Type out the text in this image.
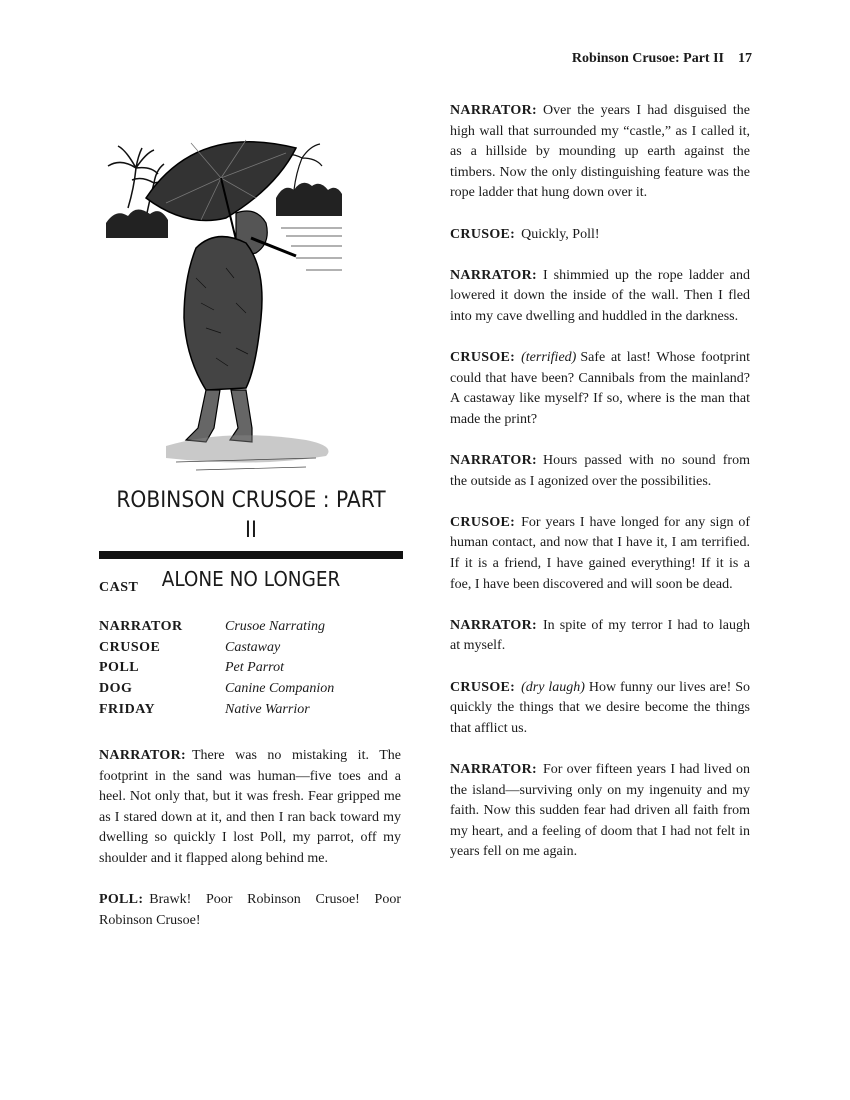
Robinson Crusoe: Part II 17
ROBINSON CRUSOE : PART II
ALONE NO LONGER
CAST
NARRATOR	Crusoe Narrating
CRUSOE	Castaway
POLL	Pet Parrot
DOG	Canine Companion
FRIDAY	Native Warrior

NARRATOR: There was no mistaking it. The footprint in the sand was human—five toes and a heel. Not only that, but it was fresh. Fear gripped me as I stared down at it, and then I ran back toward my dwelling so quickly I lost Poll, my parrot, off my shoulder and it flapped along behind me.

POLL: Brawk! Poor Robinson Crusoe! Poor Robinson Crusoe!

NARRATOR: Over the years I had disguised the high wall that surrounded my “castle,” as I called it, as a hillside by mounding up earth against the timbers. Now the only distinguishing feature was the rope ladder that hung down over it.

CRUSOE: Quickly, Poll!

NARRATOR: I shimmied up the rope ladder and lowered it down the inside of the wall. Then I fled into my cave dwelling and huddled in the darkness.

CRUSOE: (terrified) Safe at last! Whose footprint could that have been? Cannibals from the mainland? A castaway like myself? If so, where is the man that made the print?

NARRATOR: Hours passed with no sound from the outside as I agonized over the possibilities.

CRUSOE: For years I have longed for any sign of human contact, and now that I have it, I am terrified. If it is a friend, I have gained everything! If it is a foe, I have been discovered and will soon be dead.

NARRATOR: In spite of my terror I had to laugh at myself.

CRUSOE: (dry laugh) How funny our lives are! So quickly the things that we desire become the things that afflict us.

NARRATOR: For over fifteen years I had lived on the island—surviving only on my ingenuity and my faith. Now this sudden fear had driven all faith from my heart, and a feeling of doom that I had not felt in years fell on me again.
